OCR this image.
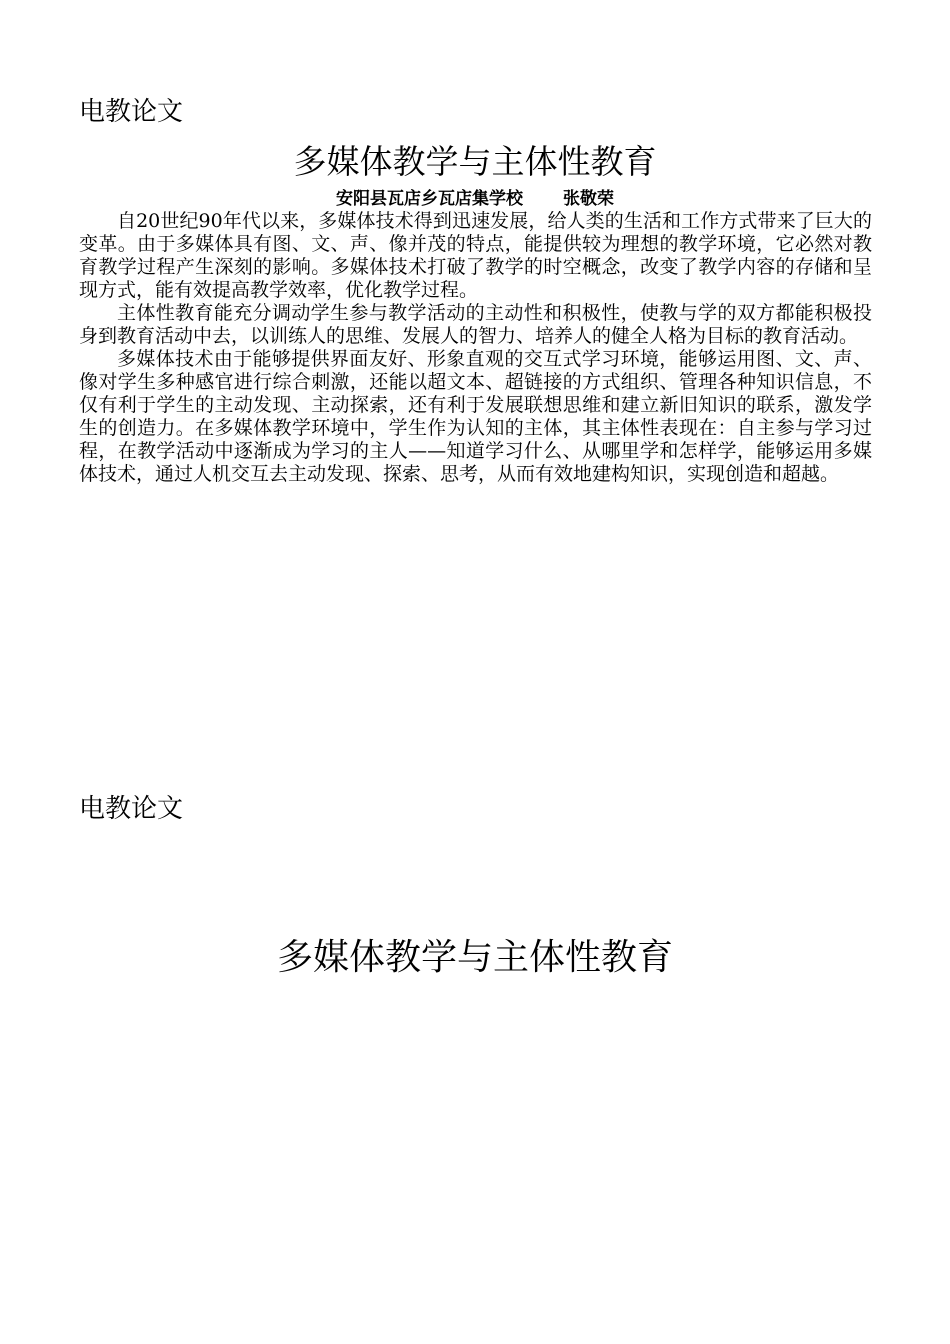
电教论文
多媒体教学与主体性教育
安阳县瓦店乡瓦店集学校 张敬荣

自20世纪90年代以来，多媒体技术得到迅速发展，给人类的生活和工作方式带来了巨大的变革。由于多媒体具有图、文、声、像并茂的特点，能提供较为理想的教学环境，它必然对教育教学过程产生深刻的影响。多媒体技术打破了教学的时空概念，改变了教学内容的存储和呈现方式，能有效提高教学效率，优化教学过程。

主体性教育能充分调动学生参与教学活动的主动性和积极性，使教与学的双方都能积极投身到教育活动中去，以训练人的思维、发展人的智力、培养人的健全人格为目标的教育活动。

多媒体技术由于能够提供界面友好、形象直观的交互式学习环境，能够运用图、文、声、像对学生多种感官进行综合刺激，还能以超文本、超链接的方式组织、管理各种知识信息，不仅有利于学生的主动发现、主动探索，还有利于发展联想思维和建立新旧知识的联系，激发学生的创造力。在多媒体教学环境中，学生作为认知的主体，其主体性表现在：自主参与学习过程，在教学活动中逐渐成为学习的主人——知道学习什么、从哪里学和怎样学，能够运用多媒体技术，通过人机交互去主动发现、探索、思考，从而有效地建构知识，实现创造和超越。

电教论文
多媒体教学与主体性教育
